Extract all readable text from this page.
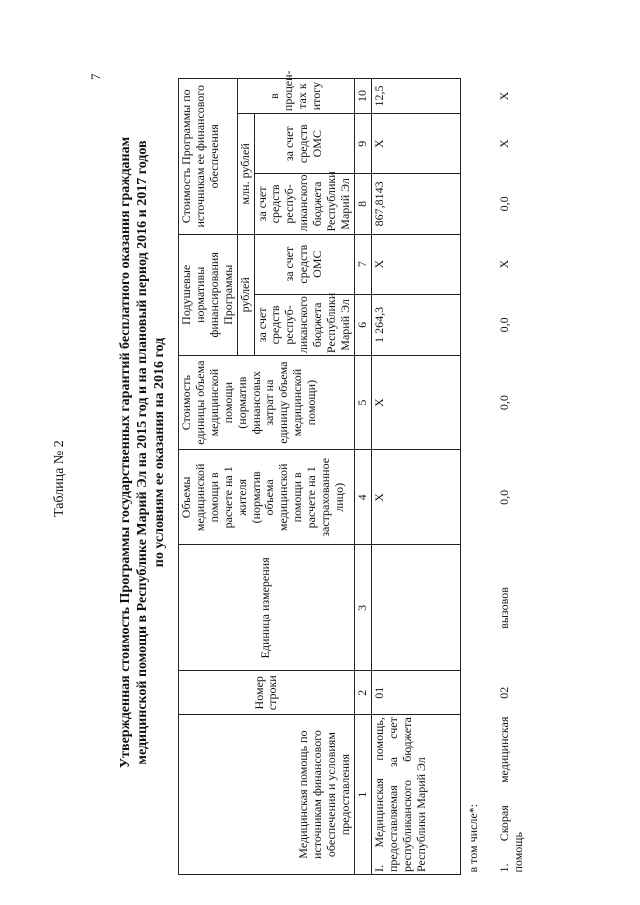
7
Таблица № 2	Утвержденная стоимость Программы государственных гарантий бесплатного оказания гражданам медицинской помощи в Республике Марий Эл на 2015 год и на плановый период 2016 и 2017 годов по условиям ее оказания на 2016 год
Медицинская помощь по источникам финансового обеспечения и условиям предоставления	Номер строки	Единица измерения	Объемы медицинской помощи в расчете на 1 жителя (норматив объема медицинской помощи в расчете на 1 застрахованное лицо)	Стоимость единицы объема медицинской помощи (норматив финансовых затрат на единицу объема медицинской помощи)	Подушевые нормативы финансирования Программы		Стоимость Программы по источникам ее финансового обеспечения		
					рублей		млн. рублей		в процен-тах к итогу
					за счет средств респуб-ликанского бюджета Республики Марий Эл	за счет средств ОМС	за счет средств респуб-ликанского бюджета Республики Марий Эл	за счет средств ОМС	
1	2	3	4	5	6	7	8	9	10
I. Медицинская помощь, предоставляемая за счет республиканского бюджета Республики Марий Эл	01		Х	Х	1 264,3	Х	867,8143	Х	12,5
в том числе*:									
1. Скорая медицинская помощь	02	вызовов	0,0	0,0	0,0	Х	0,0	Х	Х
